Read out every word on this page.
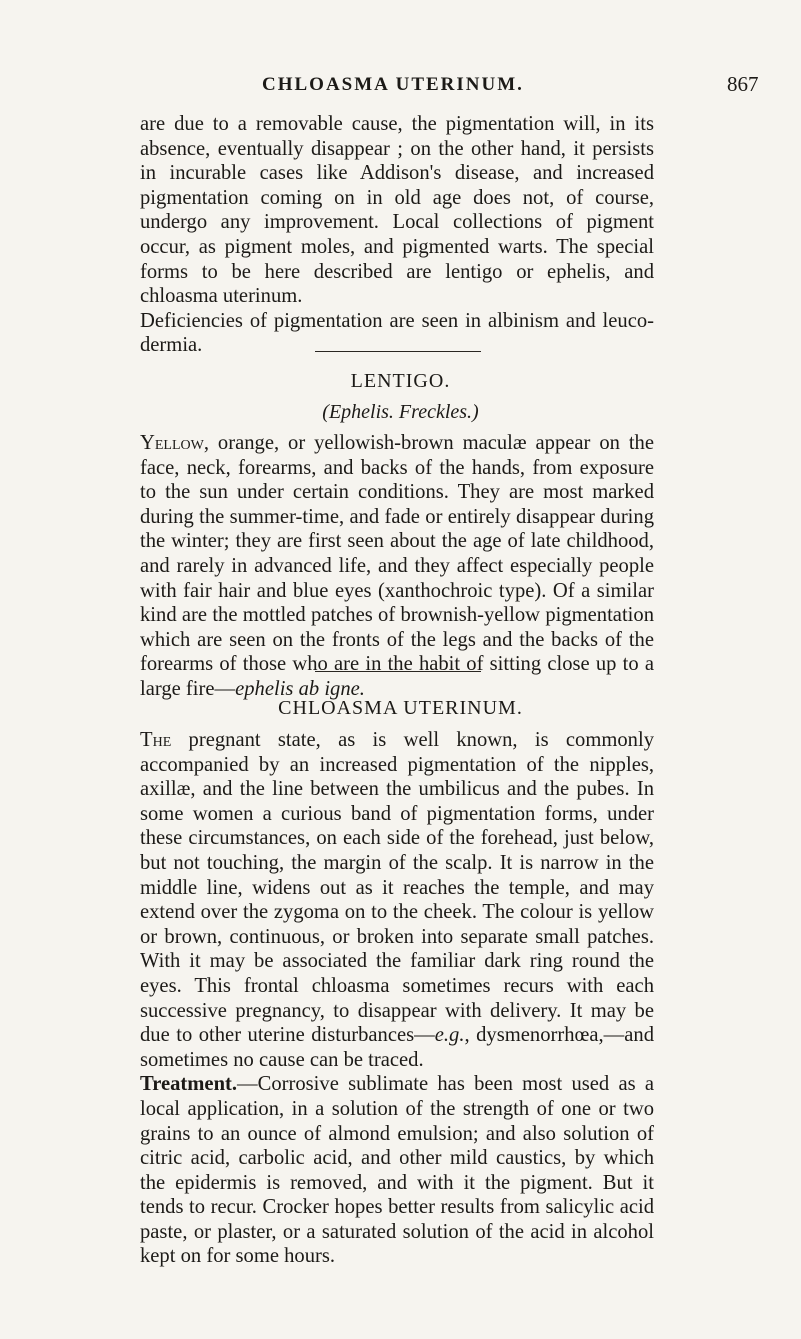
CHLOASMA UTERINUM.	867

are due to a removable cause, the pigmentation will, in its absence, eventually disappear ; on the other hand, it persists in incurable cases like Addison's disease, and increased pigmentation coming on in old age does not, of course, undergo any improvement. Local collections of pigment occur, as pigment moles, and pigmented warts. The special forms to be here described are lentigo or ephelis, and chloasma uterinum.

Deficiencies of pigmentation are seen in albinism and leucodermia.

LENTIGO.
(Ephelis. Freckles.)

Yellow, orange, or yellowish-brown maculæ appear on the face, neck, forearms, and backs of the hands, from exposure to the sun under certain conditions. They are most marked during the summer-time, and fade or entirely disappear during the winter; they are first seen about the age of late childhood, and rarely in advanced life, and they affect especially people with fair hair and blue eyes (xanthochroic type). Of a similar kind are the mottled patches of brownish-yellow pigmentation which are seen on the fronts of the legs and the backs of the forearms of those who are in the habit of sitting close up to a large fire—ephelis ab igne.

CHLOASMA UTERINUM.

The pregnant state, as is well known, is commonly accompanied by an increased pigmentation of the nipples, axillæ, and the line between the umbilicus and the pubes. In some women a curious band of pigmentation forms, under these circumstances, on each side of the forehead, just below, but not touching, the margin of the scalp. It is narrow in the middle line, widens out as it reaches the temple, and may extend over the zygoma on to the cheek. The colour is yellow or brown, continuous, or broken into separate small patches. With it may be associated the familiar dark ring round the eyes. This frontal chloasma sometimes recurs with each successive pregnancy, to disappear with delivery. It may be due to other uterine disturbances—e.g., dysmenorrhœa,—and sometimes no cause can be traced.

Treatment.—Corrosive sublimate has been most used as a local application, in a solution of the strength of one or two grains to an ounce of almond emulsion; and also solution of citric acid, carbolic acid, and other mild caustics, by which the epidermis is removed, and with it the pigment. But it tends to recur. Crocker hopes better results from salicylic acid paste, or plaster, or a saturated solution of the acid in alcohol kept on for some hours.
